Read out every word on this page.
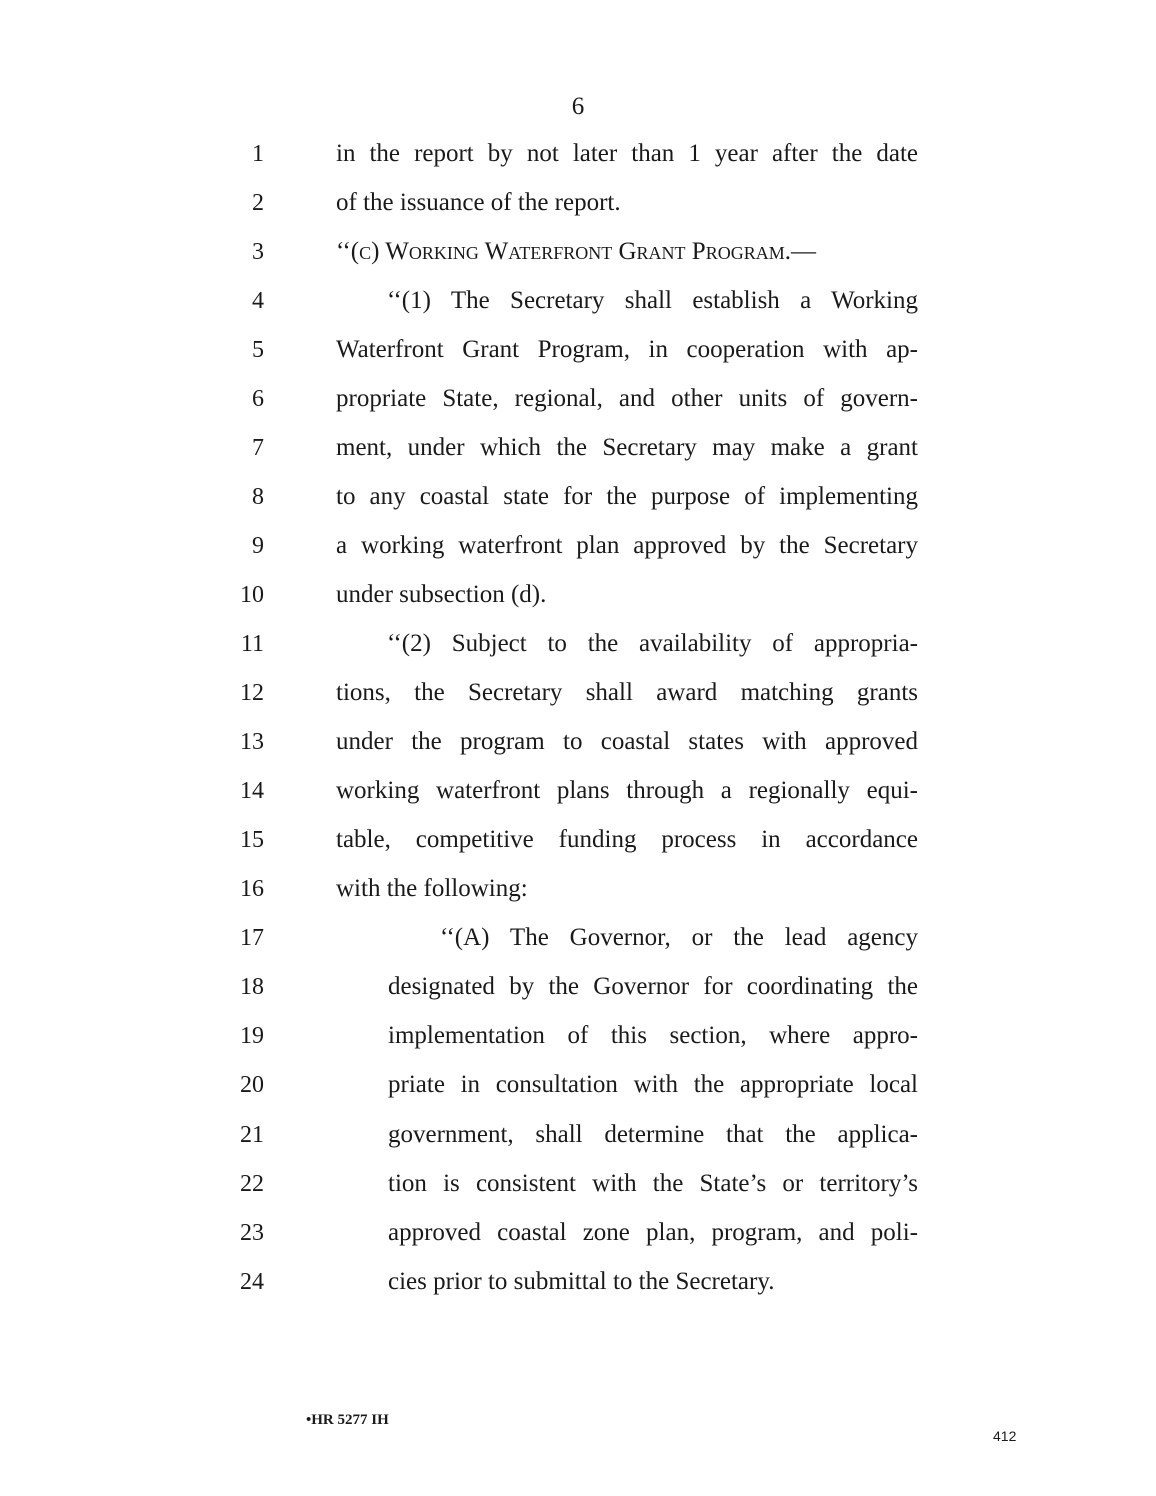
6
1	in the report by not later than 1 year after the date
2	of the issuance of the report.
3	‘‘(c) Working Waterfront Grant Program.—
4	‘‘(1) The Secretary shall establish a Working
5	Waterfront Grant Program, in cooperation with ap-
6	propriate State, regional, and other units of govern-
7	ment, under which the Secretary may make a grant
8	to any coastal state for the purpose of implementing
9	a working waterfront plan approved by the Secretary
10	under subsection (d).
11	‘‘(2) Subject to the availability of appropria-
12	tions, the Secretary shall award matching grants
13	under the program to coastal states with approved
14	working waterfront plans through a regionally equi-
15	table, competitive funding process in accordance
16	with the following:
17	‘‘(A) The Governor, or the lead agency
18	designated by the Governor for coordinating the
19	implementation of this section, where appro-
20	priate in consultation with the appropriate local
21	government, shall determine that the applica-
22	tion is consistent with the State’s or territory’s
23	approved coastal zone plan, program, and poli-
24	cies prior to submittal to the Secretary.
•HR 5277 IH
412
